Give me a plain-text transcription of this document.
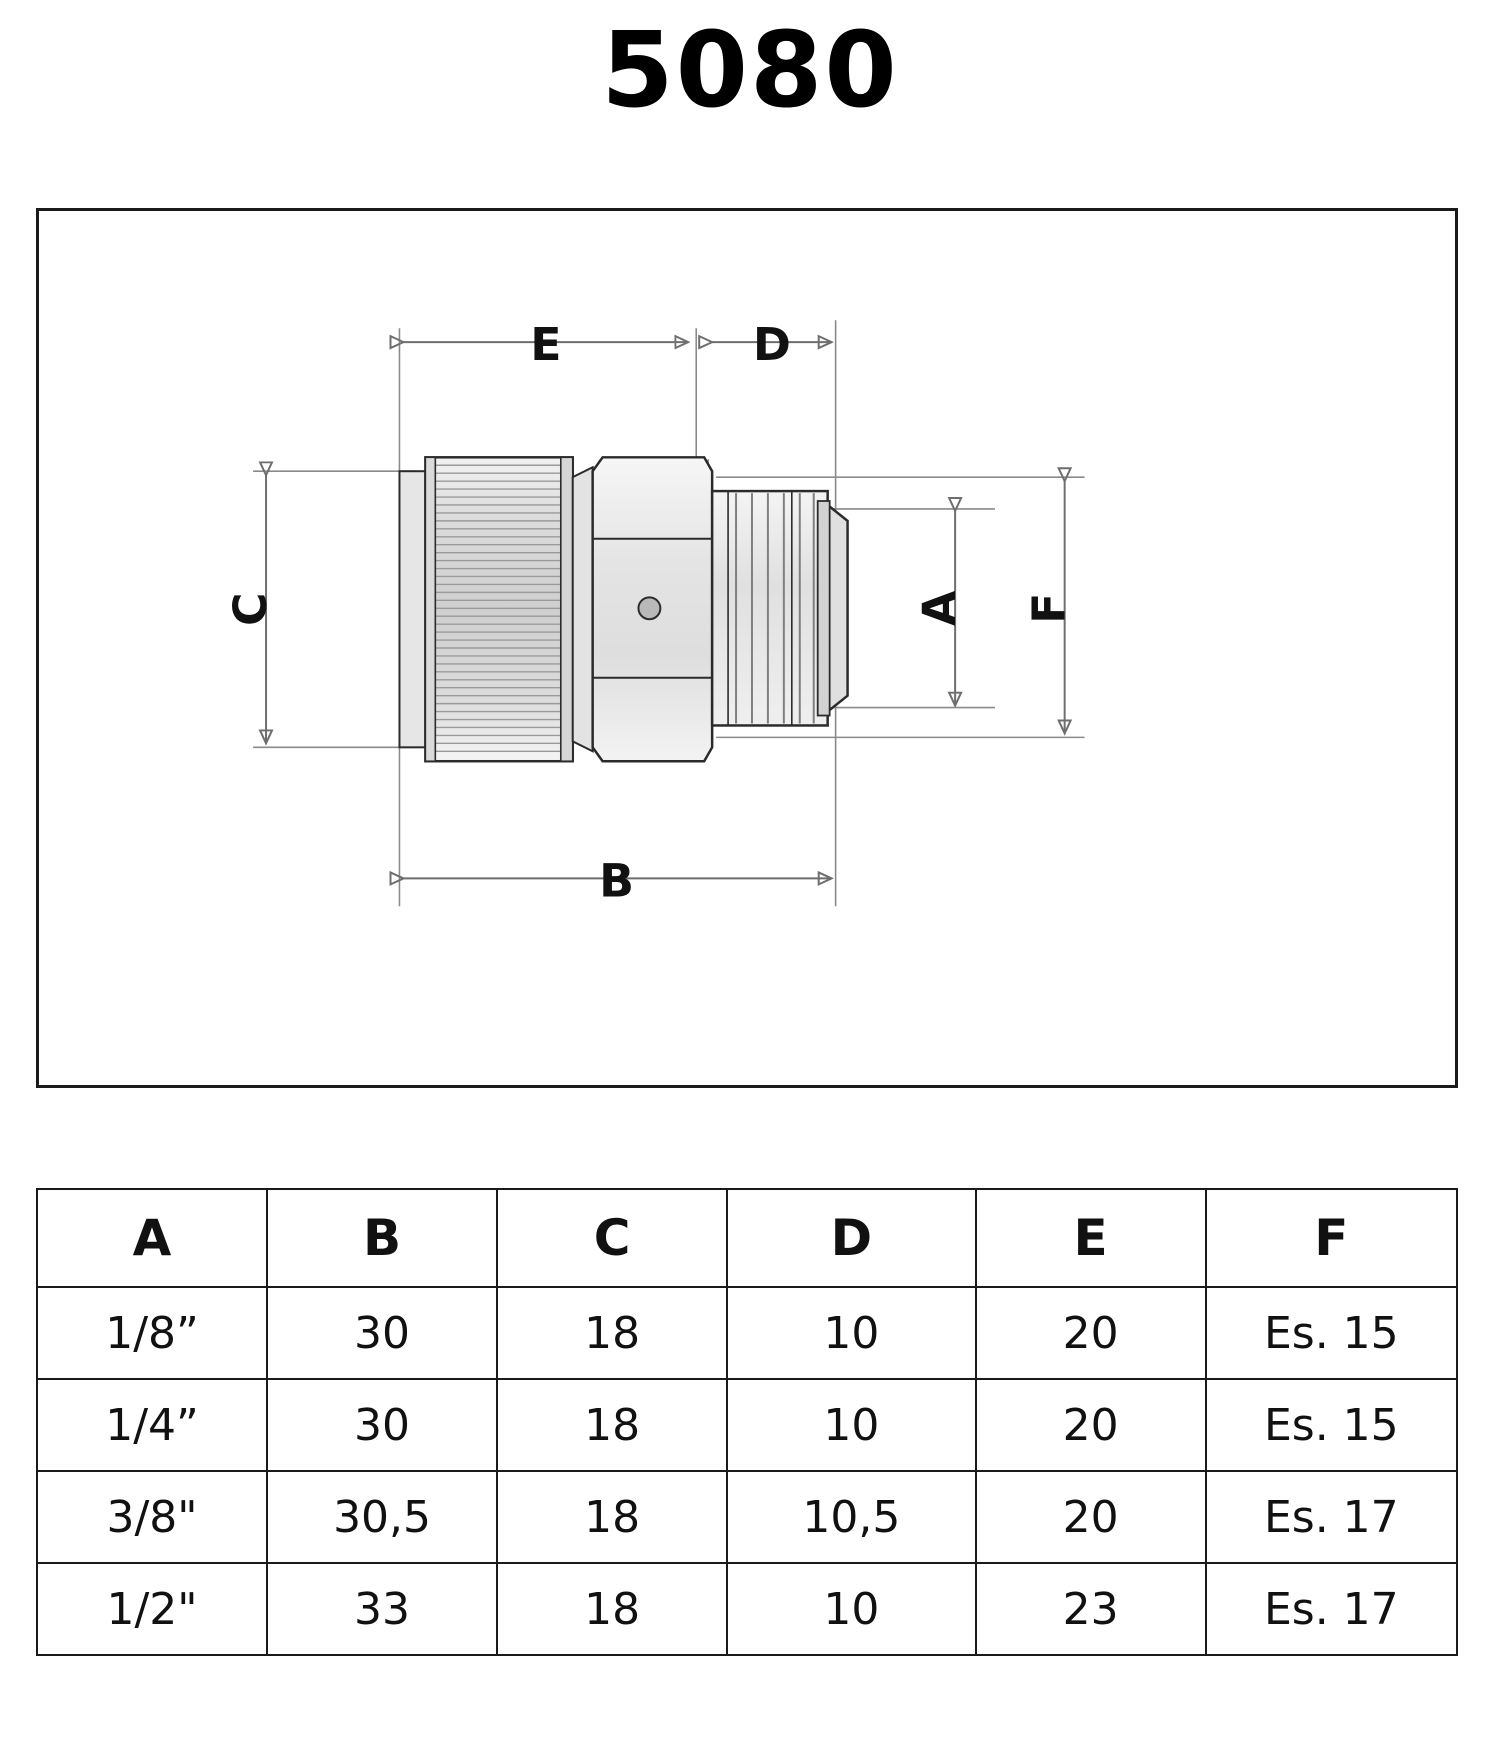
5080
E	D
C	A F
B
A	B	C	D	E	F
1/8”	30	18	10	20	Es. 15
1/4”	30	18	10	20	Es. 15
3/8"	30,5	18	10,5	20	Es. 17
1/2"	33	18	10	23	Es. 17
